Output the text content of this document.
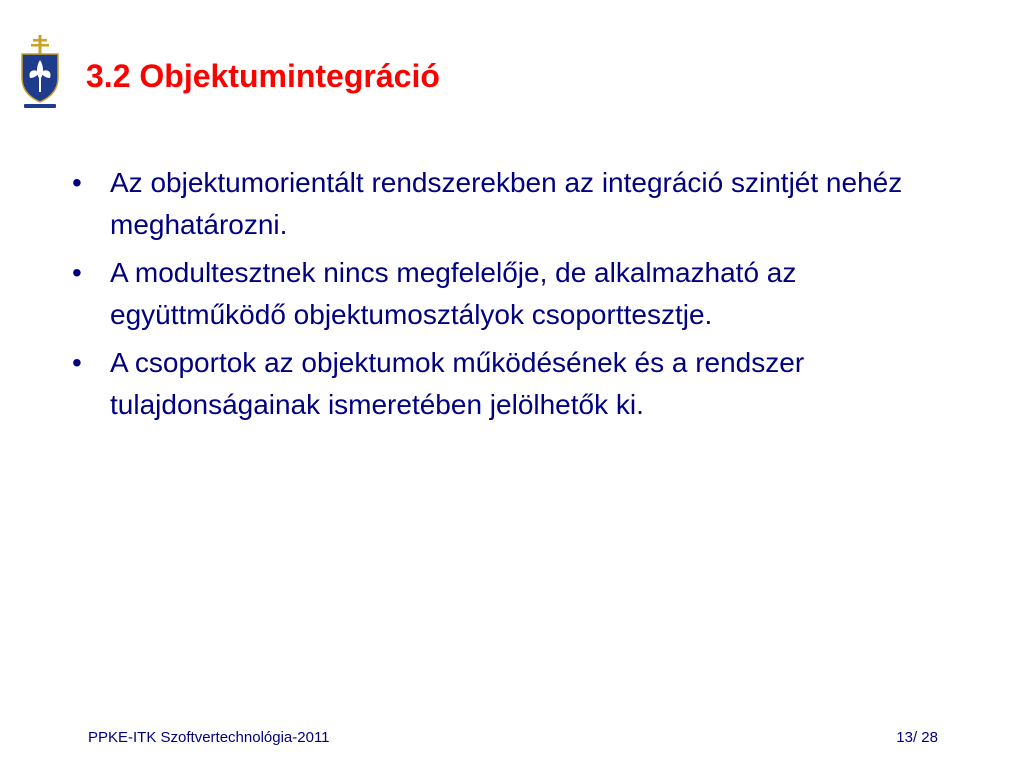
3.2 Objektumintegráció
•	Az objektumorientált rendszerekben az integráció szintjét nehéz meghatározni.
•	A modultesztnek nincs megfelelője, de alkalmazható az együttműködő objektumosztályok csoporttesztje.
•	A csoportok az objektumok működésének és a rendszer tulajdonságainak ismeretében jelölhetők ki.
PPKE-ITK Szoftvertechnológia-2011	13/ 28
